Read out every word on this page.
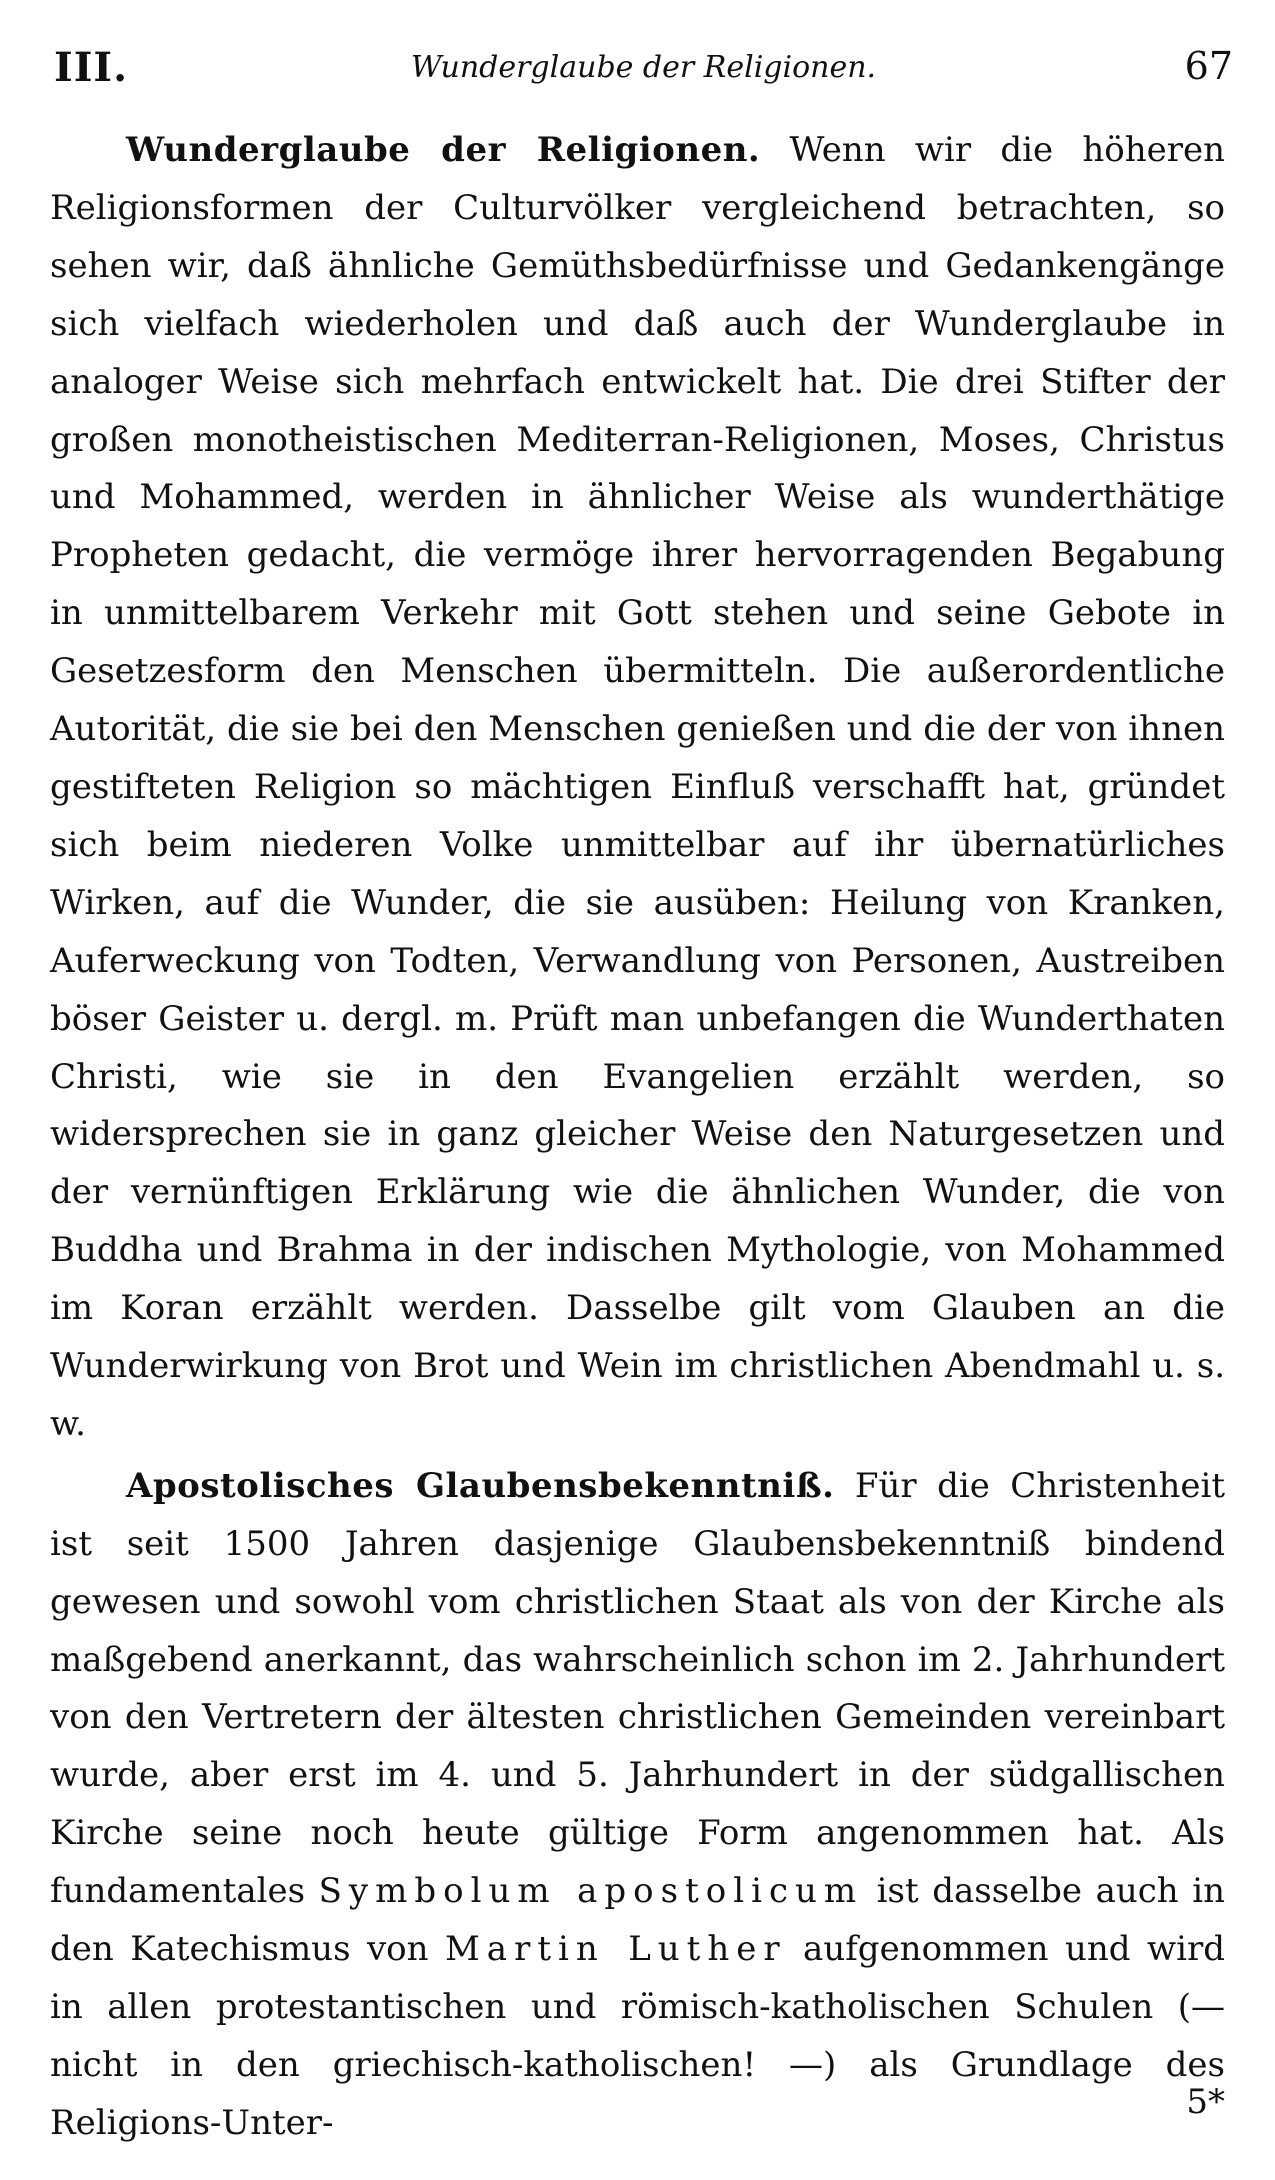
III.	Wunderglaube der Religionen.	67

Wunderglaube der Religionen. Wenn wir die höheren Religionsformen der Culturvölker vergleichend betrachten, so sehen wir, daß ähnliche Gemüthsbedürfnisse und Gedankengänge sich vielfach wiederholen und daß auch der Wunderglaube in analoger Weise sich mehrfach entwickelt hat. Die drei Stifter der großen monotheistischen Mediterran-Religionen, Moses, Christus und Mohammed, werden in ähnlicher Weise als wunderthätige Propheten gedacht, die vermöge ihrer hervorragenden Begabung in unmittelbarem Verkehr mit Gott stehen und seine Gebote in Gesetzesform den Menschen übermitteln. Die außerordentliche Autorität, die sie bei den Menschen genießen und die der von ihnen gestifteten Religion so mächtigen Einfluß verschafft hat, gründet sich beim niederen Volke unmittelbar auf ihr übernatürliches Wirken, auf die Wunder, die sie ausüben: Heilung von Kranken, Auferweckung von Todten, Verwandlung von Personen, Austreiben böser Geister u. dergl. m. Prüft man unbefangen die Wunderthaten Christi, wie sie in den Evangelien erzählt werden, so widersprechen sie in ganz gleicher Weise den Naturgesetzen und der vernünftigen Erklärung wie die ähnlichen Wunder, die von Buddha und Brahma in der indischen Mythologie, von Mohammed im Koran erzählt werden. Dasselbe gilt vom Glauben an die Wunderwirkung von Brot und Wein im christlichen Abendmahl u. s. w.

Apostolisches Glaubensbekenntniß. Für die Christenheit ist seit 1500 Jahren dasjenige Glaubensbekenntniß bindend gewesen und sowohl vom christlichen Staat als von der Kirche als maßgebend anerkannt, das wahrscheinlich schon im 2. Jahrhundert von den Vertretern der ältesten christlichen Gemeinden vereinbart wurde, aber erst im 4. und 5. Jahrhundert in der südgallischen Kirche seine noch heute gültige Form angenommen hat. Als fundamentales Symbolum apostolicum ist dasselbe auch in den Katechismus von Martin Luther aufgenommen und wird in allen protestantischen und römisch-katholischen Schulen (— nicht in den griechisch-katholischen! —) als Grundlage des Religions-Unter-

5*
